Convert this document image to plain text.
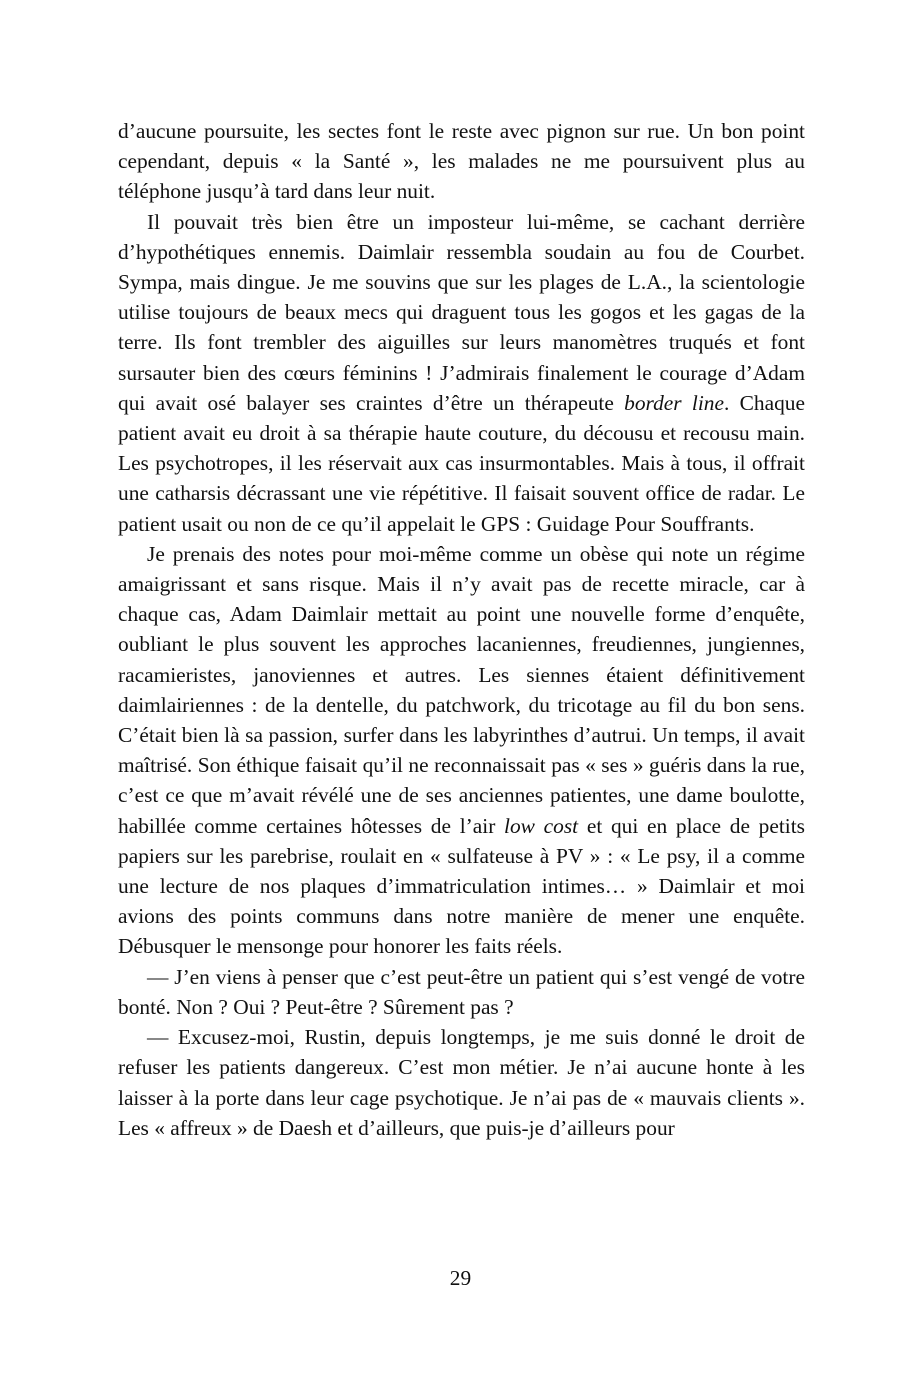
d’aucune poursuite, les sectes font le reste avec pignon sur rue. Un bon point cependant, depuis « la Santé », les malades ne me poursuivent plus au téléphone jusqu’à tard dans leur nuit.

Il pouvait très bien être un imposteur lui-même, se cachant derrière d’hypothétiques ennemis. Daimlair ressembla soudain au fou de Courbet. Sympa, mais dingue. Je me souvins que sur les plages de L.A., la scientologie utilise toujours de beaux mecs qui draguent tous les gogos et les gagas de la terre. Ils font trembler des aiguilles sur leurs manomètres truqués et font sursauter bien des cœurs féminins ! J’admirais finalement le courage d’Adam qui avait osé balayer ses craintes d’être un thérapeute border line. Chaque patient avait eu droit à sa thérapie haute couture, du décousu et recousu main. Les psychotropes, il les réservait aux cas insurmontables. Mais à tous, il offrait une catharsis décrassant une vie répétitive. Il faisait souvent office de radar. Le patient usait ou non de ce qu’il appelait le GPS : Guidage Pour Souffrants.

Je prenais des notes pour moi-même comme un obèse qui note un régime amaigrissant et sans risque. Mais il n’y avait pas de recette miracle, car à chaque cas, Adam Daimlair mettait au point une nouvelle forme d’enquête, oubliant le plus souvent les approches lacaniennes, freudiennes, jungiennes, racamieristes, janoviennes et autres. Les siennes étaient définitivement daimlairiennes : de la dentelle, du patchwork, du tricotage au fil du bon sens. C’était bien là sa passion, surfer dans les labyrinthes d’autrui. Un temps, il avait maîtrisé. Son éthique faisait qu’il ne reconnaissait pas « ses » guéris dans la rue, c’est ce que m’avait révélé une de ses anciennes patientes, une dame boulotte, habillée comme certaines hôtesses de l’air low cost et qui en place de petits papiers sur les parebrise, roulait en « sulfateuse à PV » : « Le psy, il a comme une lecture de nos plaques d’immatriculation intimes… » Daimlair et moi avions des points communs dans notre manière de mener une enquête. Débusquer le mensonge pour honorer les faits réels.

— J’en viens à penser que c’est peut-être un patient qui s’est vengé de votre bonté. Non ? Oui ? Peut-être ? Sûrement pas ?

— Excusez-moi, Rustin, depuis longtemps, je me suis donné le droit de refuser les patients dangereux. C’est mon métier. Je n’ai aucune honte à les laisser à la porte dans leur cage psychotique. Je n’ai pas de « mauvais clients ». Les « affreux » de Daesh et d’ailleurs, que puis-je d’ailleurs pour

29
